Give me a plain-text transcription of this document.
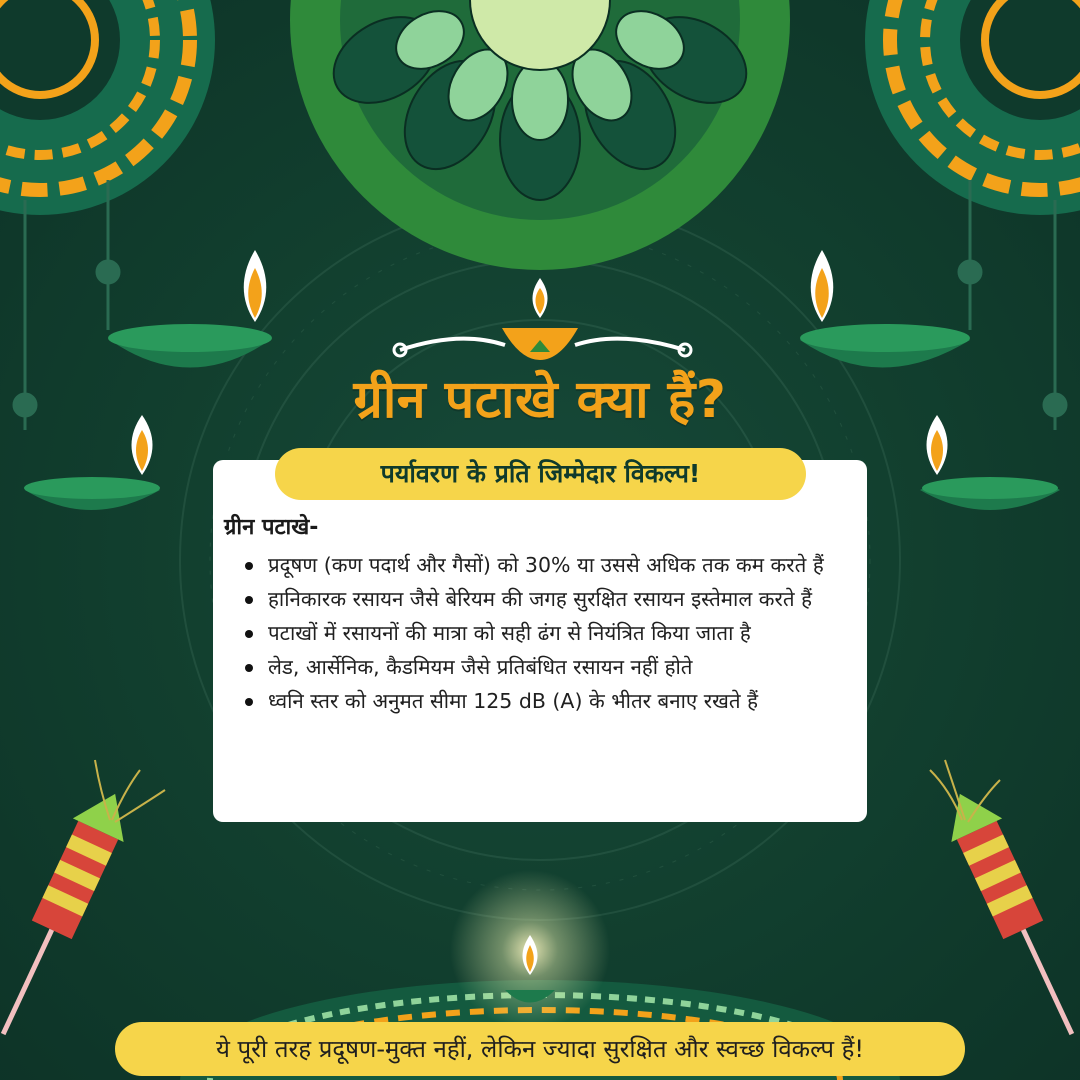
ग्रीन पटाखे क्या हैं?
पर्यावरण के प्रति जिम्मेदार विकल्प!
ग्रीन पटाखे-
प्रदूषण (कण पदार्थ और गैसों) को 30% या उससे अधिक तक कम करते हैं
हानिकारक रसायन जैसे बेरियम की जगह सुरक्षित रसायन इस्तेमाल करते हैं
पटाखों में रसायनों की मात्रा को सही ढंग से नियंत्रित किया जाता है
लेड, आर्सेनिक, कैडमियम जैसे प्रतिबंधित रसायन नहीं होते
ध्वनि स्तर को अनुमत सीमा 125 dB (A) के भीतर बनाए रखते हैं
ये पूरी तरह प्रदूषण-मुक्त नहीं, लेकिन ज्यादा सुरक्षित और स्वच्छ विकल्प हैं!
